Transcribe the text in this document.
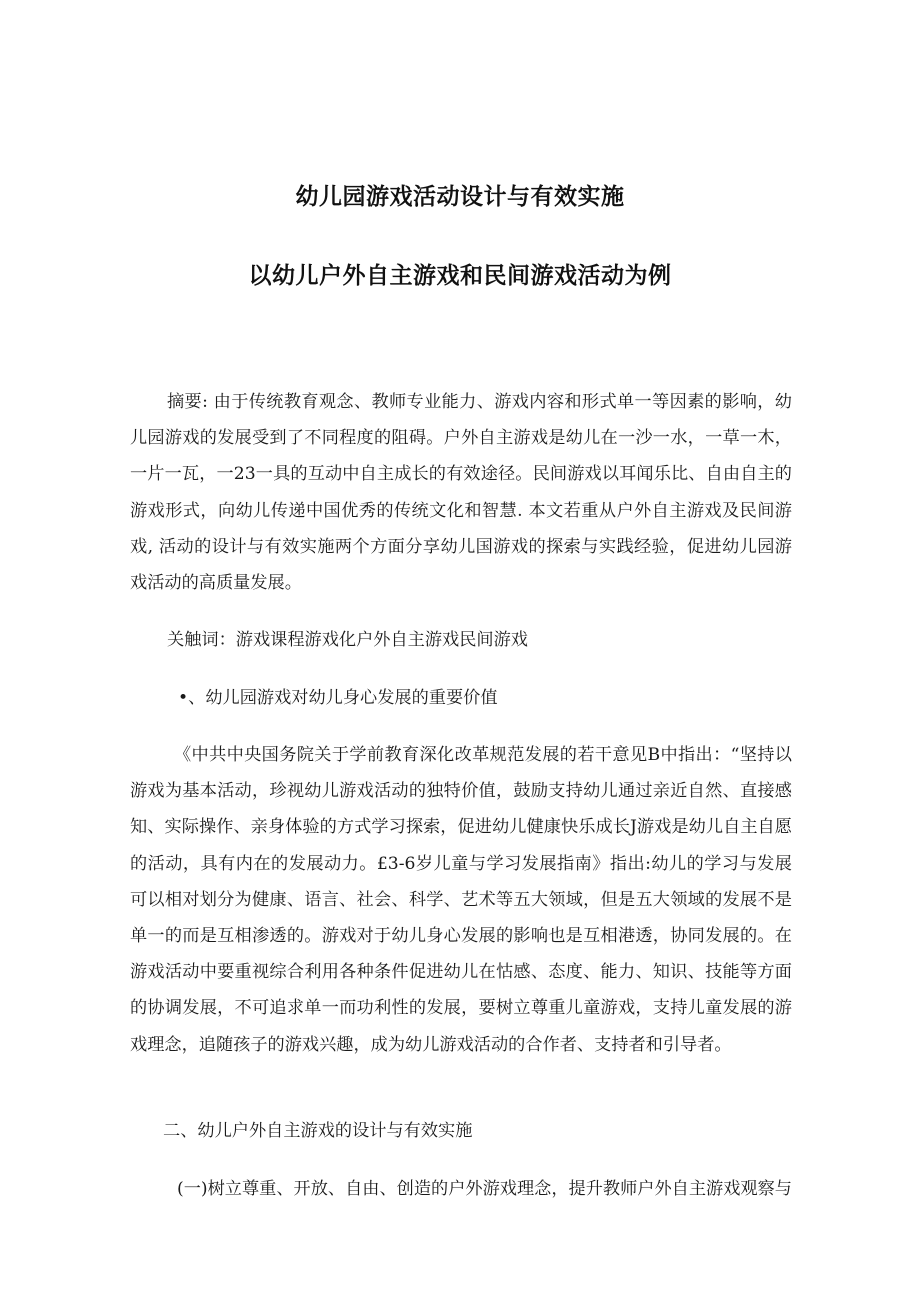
幼儿园游戏活动设计与有效实施
以幼儿户外自主游戏和民间游戏活动为例

摘要: 由于传统教育观念、教师专业能力、游戏内容和形式单一等因素的影响，幼儿园游戏的发展受到了不同程度的阻碍。户外自主游戏是幼儿在一沙一水，一草一木，一片一瓦，一23一具的互动中自主成长的有效途径。民间游戏以耳闻乐比、自由自主的游戏形式，向幼儿传递中国优秀的传统文化和智慧. 本文若重从户外自主游戏及民间游戏, 活动的设计与有效实施两个方面分享幼儿国游戏的探索与实践经验，促进幼儿园游戏活动的高质量发展。

关触词：游戏课程游戏化户外自主游戏民间游戏

•、幼儿园游戏对幼儿身心发展的重要价值

《中共中央国务院关于学前教育深化改革规范发展的若干意见B中指出：“坚持以游戏为基本活动，珍视幼儿游戏活动的独特价值，鼓励支持幼儿通过亲近自然、直接感知、实际操作、亲身体验的方式学习探索，促进幼儿健康快乐成长J游戏是幼儿自主自愿的活动，具有内在的发展动力。£3-6岁儿童与学习发展指南》指出:幼儿的学习与发展可以相对划分为健康、语言、社会、科学、艺术等五大领域，但是五大领域的发展不是单一的而是互相渗透的。游戏对于幼儿身心发展的影响也是互相港透，协同发展的。在游戏活动中要重视综合利用各种条件促进幼儿在怙感、态度、能力、知识、技能等方面的协调发展，不可追求单一而功利性的发展，要树立尊重儿童游戏，支持儿童发展的游戏理念，追随孩子的游戏兴趣，成为幼儿游戏活动的合作者、支持者和引导者。

二、幼儿户外自主游戏的设计与有效实施

(一)树立尊重、开放、自由、创造的户外游戏理念，提升教师户外自主游戏观察与
